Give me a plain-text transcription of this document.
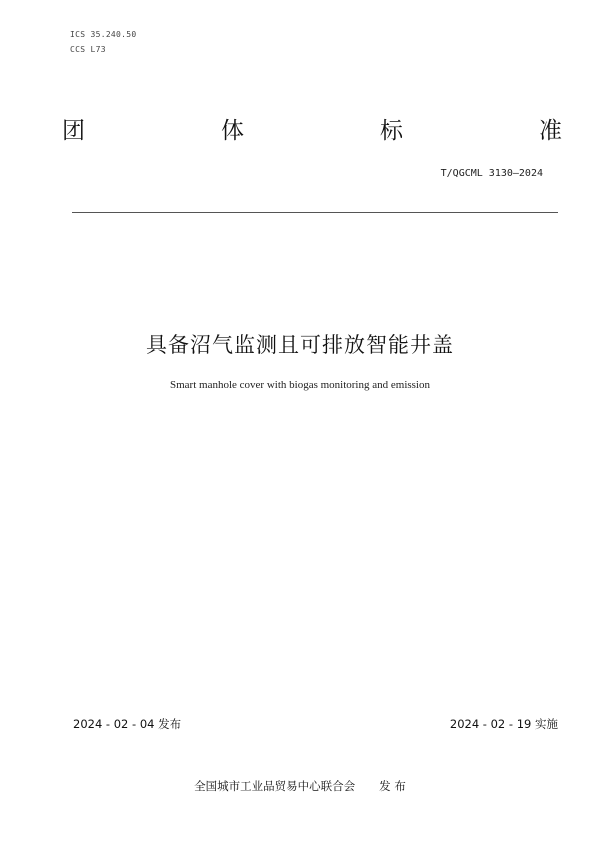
ICS 35.240.50
CCS L73
团	体	标	准
T/QGCML 3130—2024
具备沼气监测且可排放智能井盖
Smart manhole cover with biogas monitoring and emission
2024 - 02 - 04 发布	2024 - 02 - 19 实施
全国城市工业品贸易中心联合会 发 布
